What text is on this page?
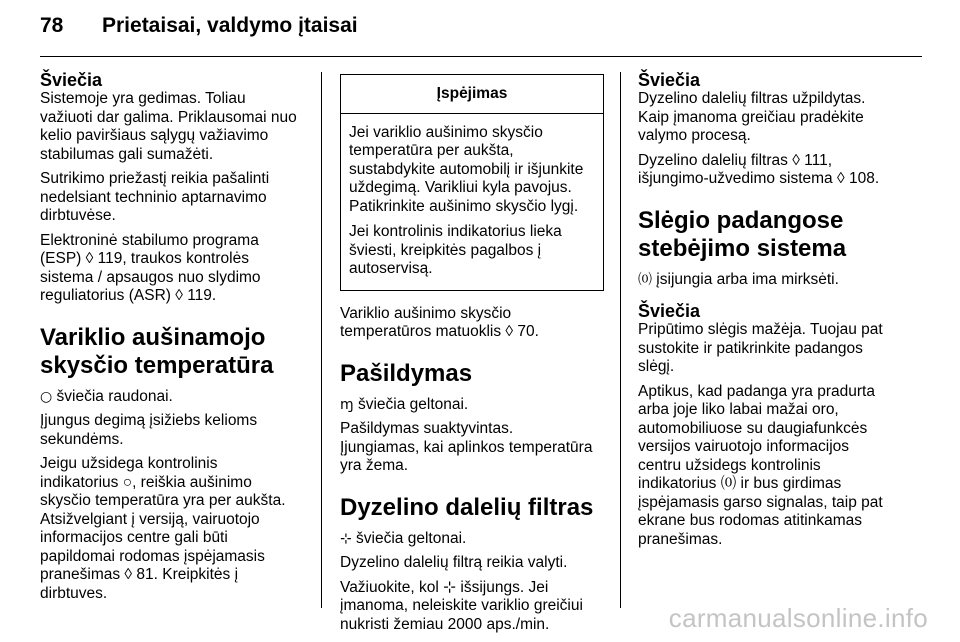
78 Prietaisai, valdymo įtaisai

Šviečia

Sistemoje yra gedimas. Toliau
važiuoti dar galima. Priklausomai nuo
kelio paviršiaus sąlygų važiavimo
stabilumas gali sumažėti.

Sutrikimo priežastį reikia pašalinti
nedelsiant techninio aptarnavimo
dirbtuvėse.

Elektroninė stabilumo programa
(ESP) ◊ 119, traukos kontrolės
sistema / apsaugos nuo slydimo
reguliatorius (ASR) ◊ 119.

Variklio aušinamojo
skysčio temperatūra

○ šviečia raudonai.

Įjungus degimą įsižiebs kelioms
sekundėms.

Jeigu užsidega kontrolinis
indikatorius ○, reiškia aušinimo
skysčio temperatūra yra per aukšta.
Atsižvelgiant į versiją, vairuotojo
informacijos centre gali būti
papildomai rodomas įspėjamasis
pranešimas ◊ 81. Kreipkitės į
dirbtuves.

Įspėjimas

Jei variklio aušinimo skysčio
temperatūra per aukšta,
sustabdykite automobilį ir išjunkite
uždegimą. Varikliui kyla pavojus.
Patikrinkite aušinimo skysčio lygį.

Jei kontrolinis indikatorius lieka
šviesti, kreipkitės pagalbos į
autoservisą.

Variklio aušinimo skysčio
temperatūros matuoklis ◊ 70.

Pašildymas

ɱ šviečia geltonai.

Pašildymas suaktyvintas.
Įjungiamas, kai aplinkos temperatūra
yra žema.

Dyzelino dalelių filtras

⊹ šviečia geltonai.

Dyzelino dalelių filtrą reikia valyti.

Važiuokite, kol ⊹ išsijungs. Jei
įmanoma, neleiskite variklio greičiui
nukristi žemiau 2000 aps./min.

Šviečia

Dyzelino dalelių filtras užpildytas.
Kaip įmanoma greičiau pradėkite
valymo procesą.

Dyzelino dalelių filtras ◊ 111,
išjungimo-užvedimo sistema ◊ 108.

Slėgio padangose
stebėjimo sistema

⒪ įsijungia arba ima mirksėti.

Šviečia

Pripūtimo slėgis mažėja. Tuojau pat
sustokite ir patikrinkite padangos
slėgį.

Aptikus, kad padanga yra pradurta
arba joje liko labai mažai oro,
automobiliuose su daugiafunkcės
versijos vairuotojo informacijos
centru užsidegs kontrolinis
indikatorius ⒪ ir bus girdimas
įspėjamasis garso signalas, taip pat
ekrane bus rodomas atitinkamas
pranešimas.

carmanualsonline.info
